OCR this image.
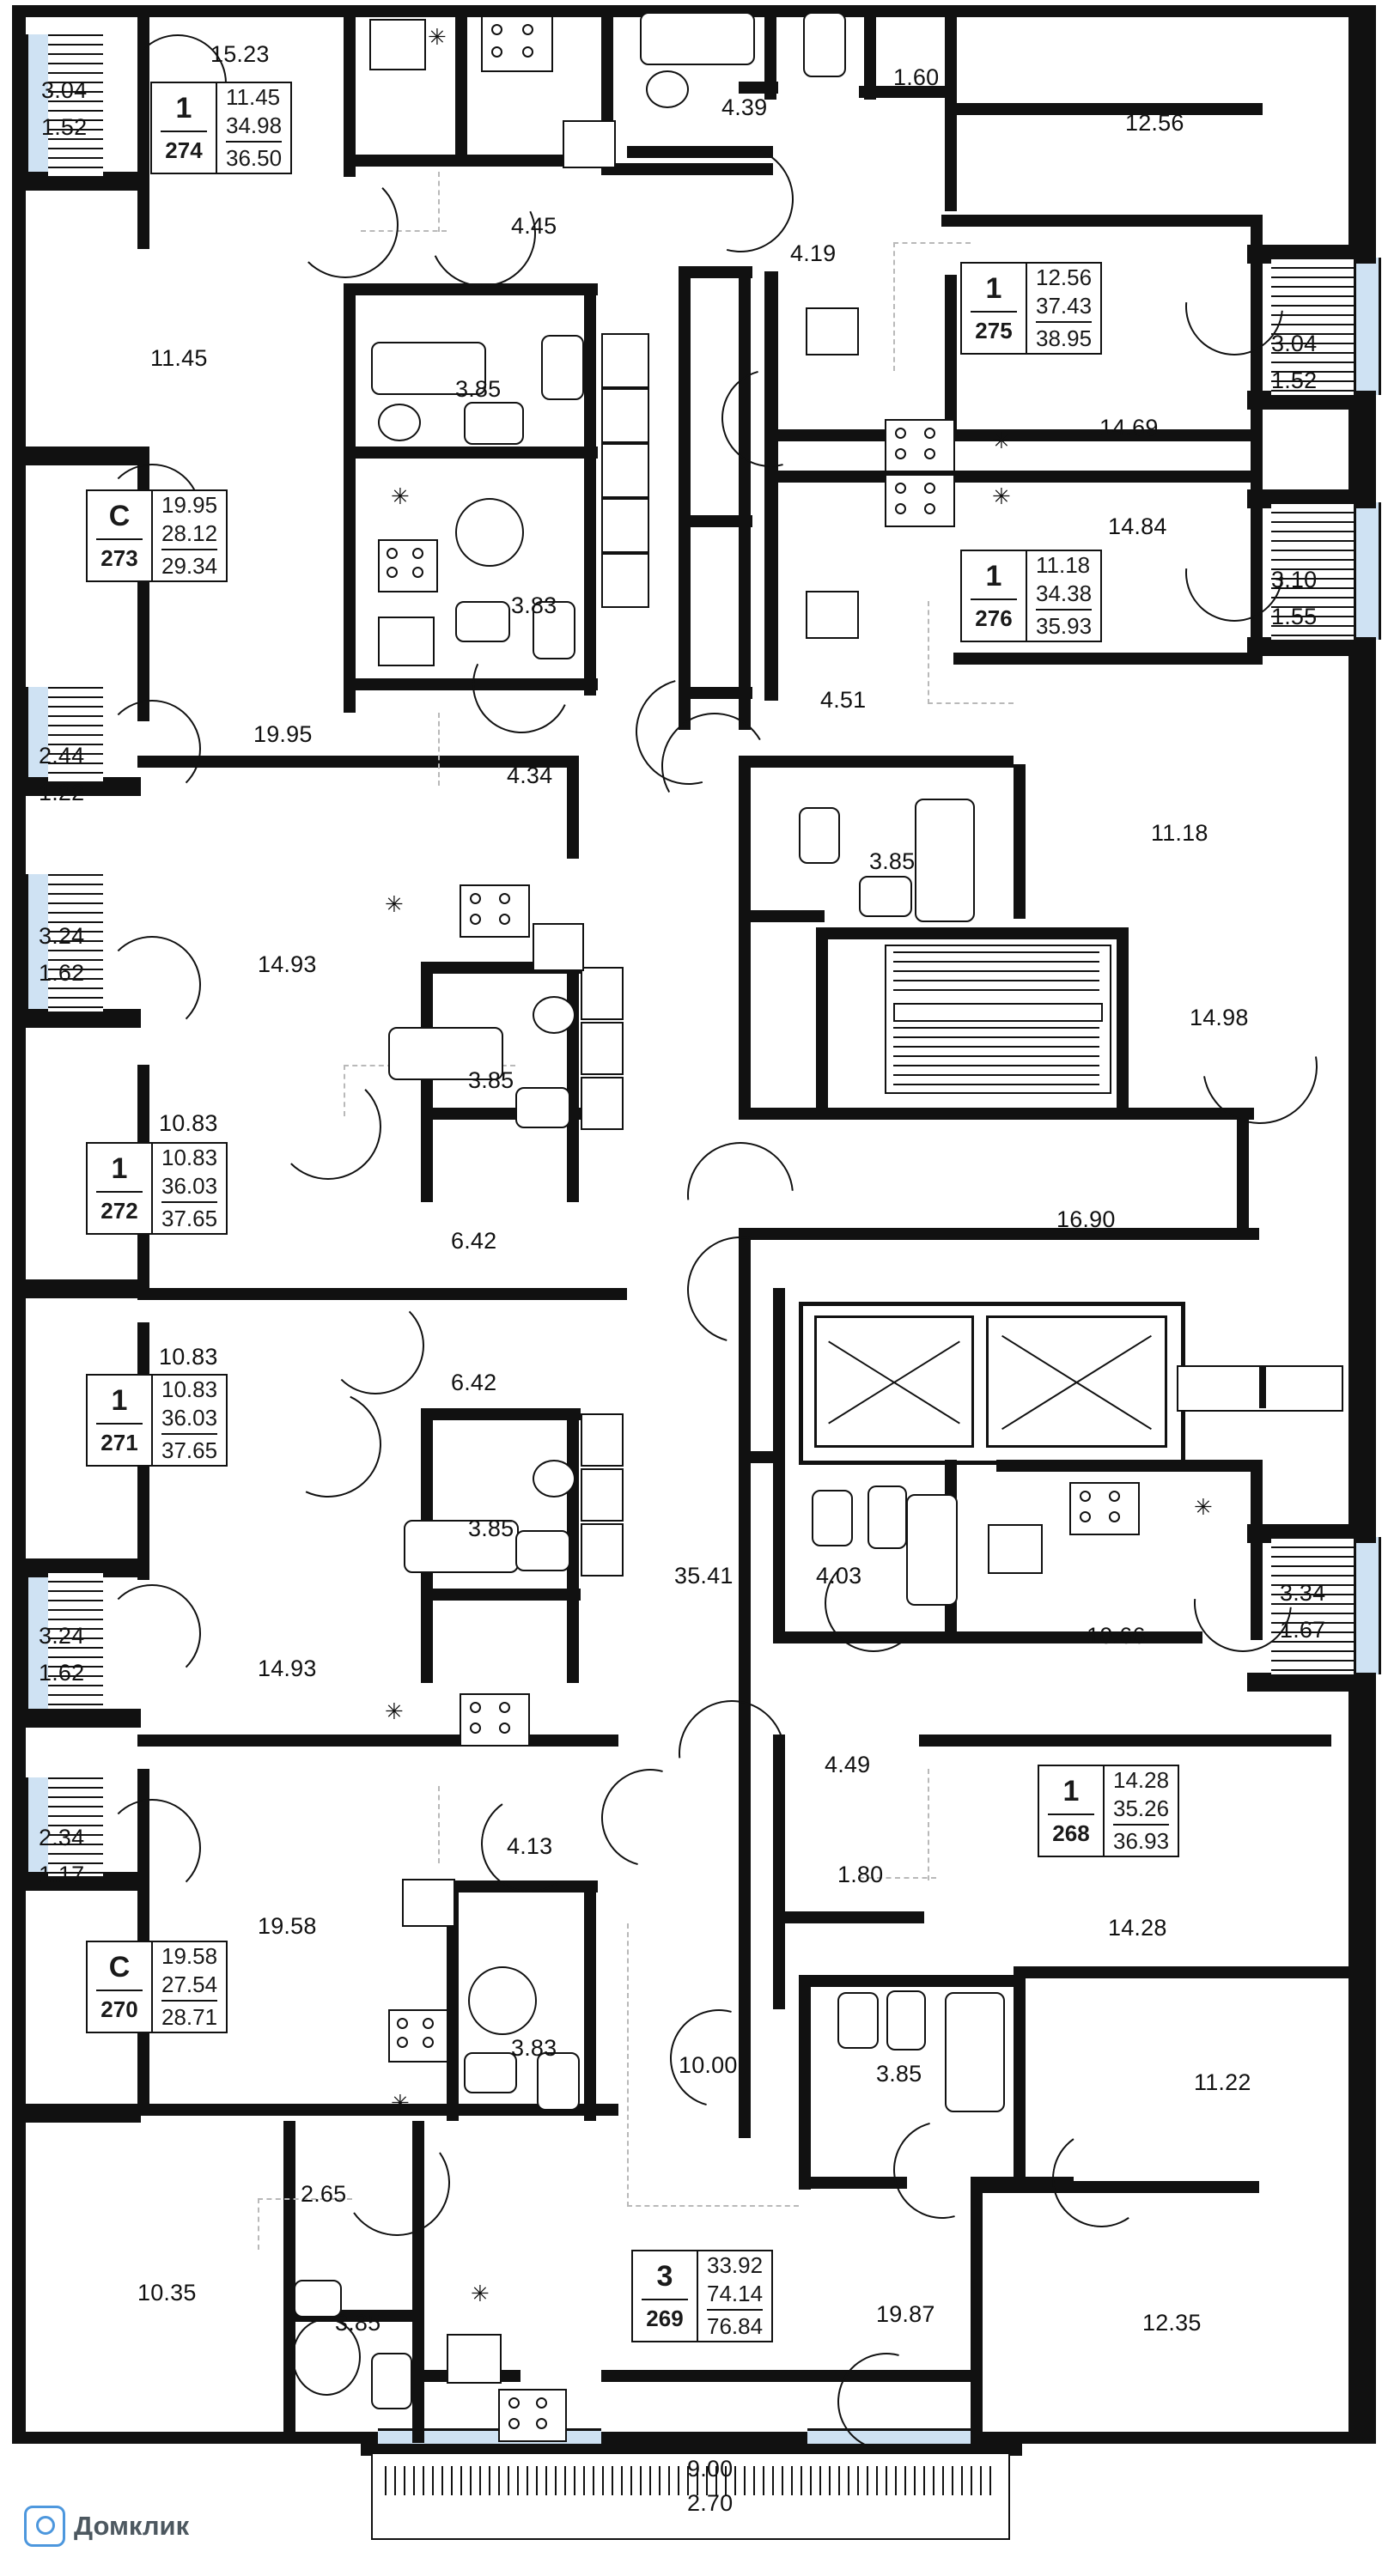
✳
✳
✳
✳
✳
✳
✳
✳
✳
15.23
3.04
1.52
4.45
4.39
1.60
12.56
4.19
11.45
3.85
3.04
1.52
14.69
3.83
14.84
3.10
1.55
19.95
4.34
4.51
2.44
1.22
3.24
1.62	14.93
3.85
11.18
14.98
3.85
10.83
6.42
16.90
10.83
6.42
3.85
35.41	4.03
10.66
3.34
1.67
3.24
1.62	14.93
4.13
4.49
1.80
14.28
2.34
1.17
19.58
3.83
10.00	3.85	11.22
2.65
10.35
3.85	19.87	12.35
9.00
2.70
1
274
11.45
34.98
36.50
C
273
19.95
28.12
29.34
1
272
10.83
36.03
37.65
1
271
10.83
36.03
37.65
C
270
19.58
27.54
28.71
1
275
12.56
37.43
38.95
1
276
11.18
34.38
35.93
1
268
14.28
35.26
36.93
3
269
33.92
74.14
76.84
Домклик
